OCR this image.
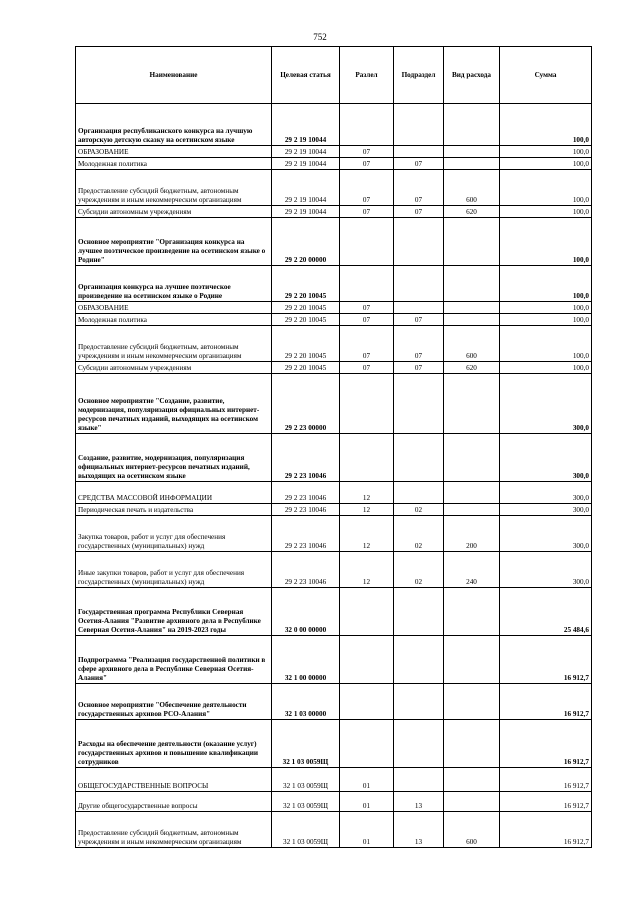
752
Наименование	Целевая статья	Разлел	Подраздел	Вид расхода	Сумма
Организация республиканского конкурса на лучшую авторскую детскую сказку на осетинском языке	29 2 19 10044				100,0
ОБРАЗОВАНИЕ	29 2 19 10044	07			100,0
Молодежная политика	29 2 19 10044	07	07		100,0
Предоставление субсидий бюджетным, автономным учреждениям и иным некоммерческим организациям	29 2 19 10044	07	07	600	100,0
Субсидии автономным учреждениям	29 2 19 10044	07	07	620	100,0
Основное мероприятие "Организация конкурса на лучшее поэтическое произведение на осетинском языке о Родине"	29 2 20 00000				100,0
Организация конкурса на лучшее поэтическое произведение на осетинском языке о Родине	29 2 20 10045				100,0
ОБРАЗОВАНИЕ	29 2 20 10045	07			100,0
Молодежная политика	29 2 20 10045	07	07		100,0
Предоставление субсидий бюджетным, автономным учреждениям и иным некоммерческим организациям	29 2 20 10045	07	07	600	100,0
Субсидии автономным учреждениям	29 2 20 10045	07	07	620	100,0
Основное мероприятие "Создание, развитие, модернизация, популяризация официальных интернет-ресурсов печатных изданий, выходящих на осетинском языке"	29 2 23 00000				300,0
Создание, развитие, модернизация, популяризация официальных интернет-ресурсов печатных изданий, выходящих на осетинском языке	29 2 23 10046				300,0
СРЕДСТВА МАССОВОЙ ИНФОРМАЦИИ	29 2 23 10046	12			300,0
Периодическая печать и издательства	29 2 23 10046	12	02		300,0
Закупка товаров, работ и услуг для обеспечения государственных (муниципальных) нужд	29 2 23 10046	12	02	200	300,0
Иные закупки товаров, работ и услуг для обеспечения государственных (муниципальных) нужд	29 2 23 10046	12	02	240	300,0
Государственная программа Республики Северная Осетия-Алания "Развитие архивного дела в Республике Северная Осетия-Алания" на 2019-2023 годы	32 0 00 00000				25 484,6
Подпрограмма "Реализация государственной политики в сфере архивного дела в Республике Северная Осетия-Алания"	32 1 00 00000				16 912,7
Основное мероприятие "Обеспечение деятельности государственных архивов РСО-Алания"	32 1 03 00000				16 912,7
Расходы на обеспечение деятельности (оказание услуг) государственных архивов и повышение квалификации сотрудников	32 1 03 0059Щ				16 912,7
ОБЩЕГОСУДАРСТВЕННЫЕ ВОПРОСЫ	32 1 03 0059Щ	01			16 912,7
Другие общегосударственные вопросы	32 1 03 0059Щ	01	13		16 912,7
Предоставление субсидий бюджетным, автономным учреждениям и иным некоммерческим организациям	32 1 03 0059Щ	01	13	600	16 912,7
